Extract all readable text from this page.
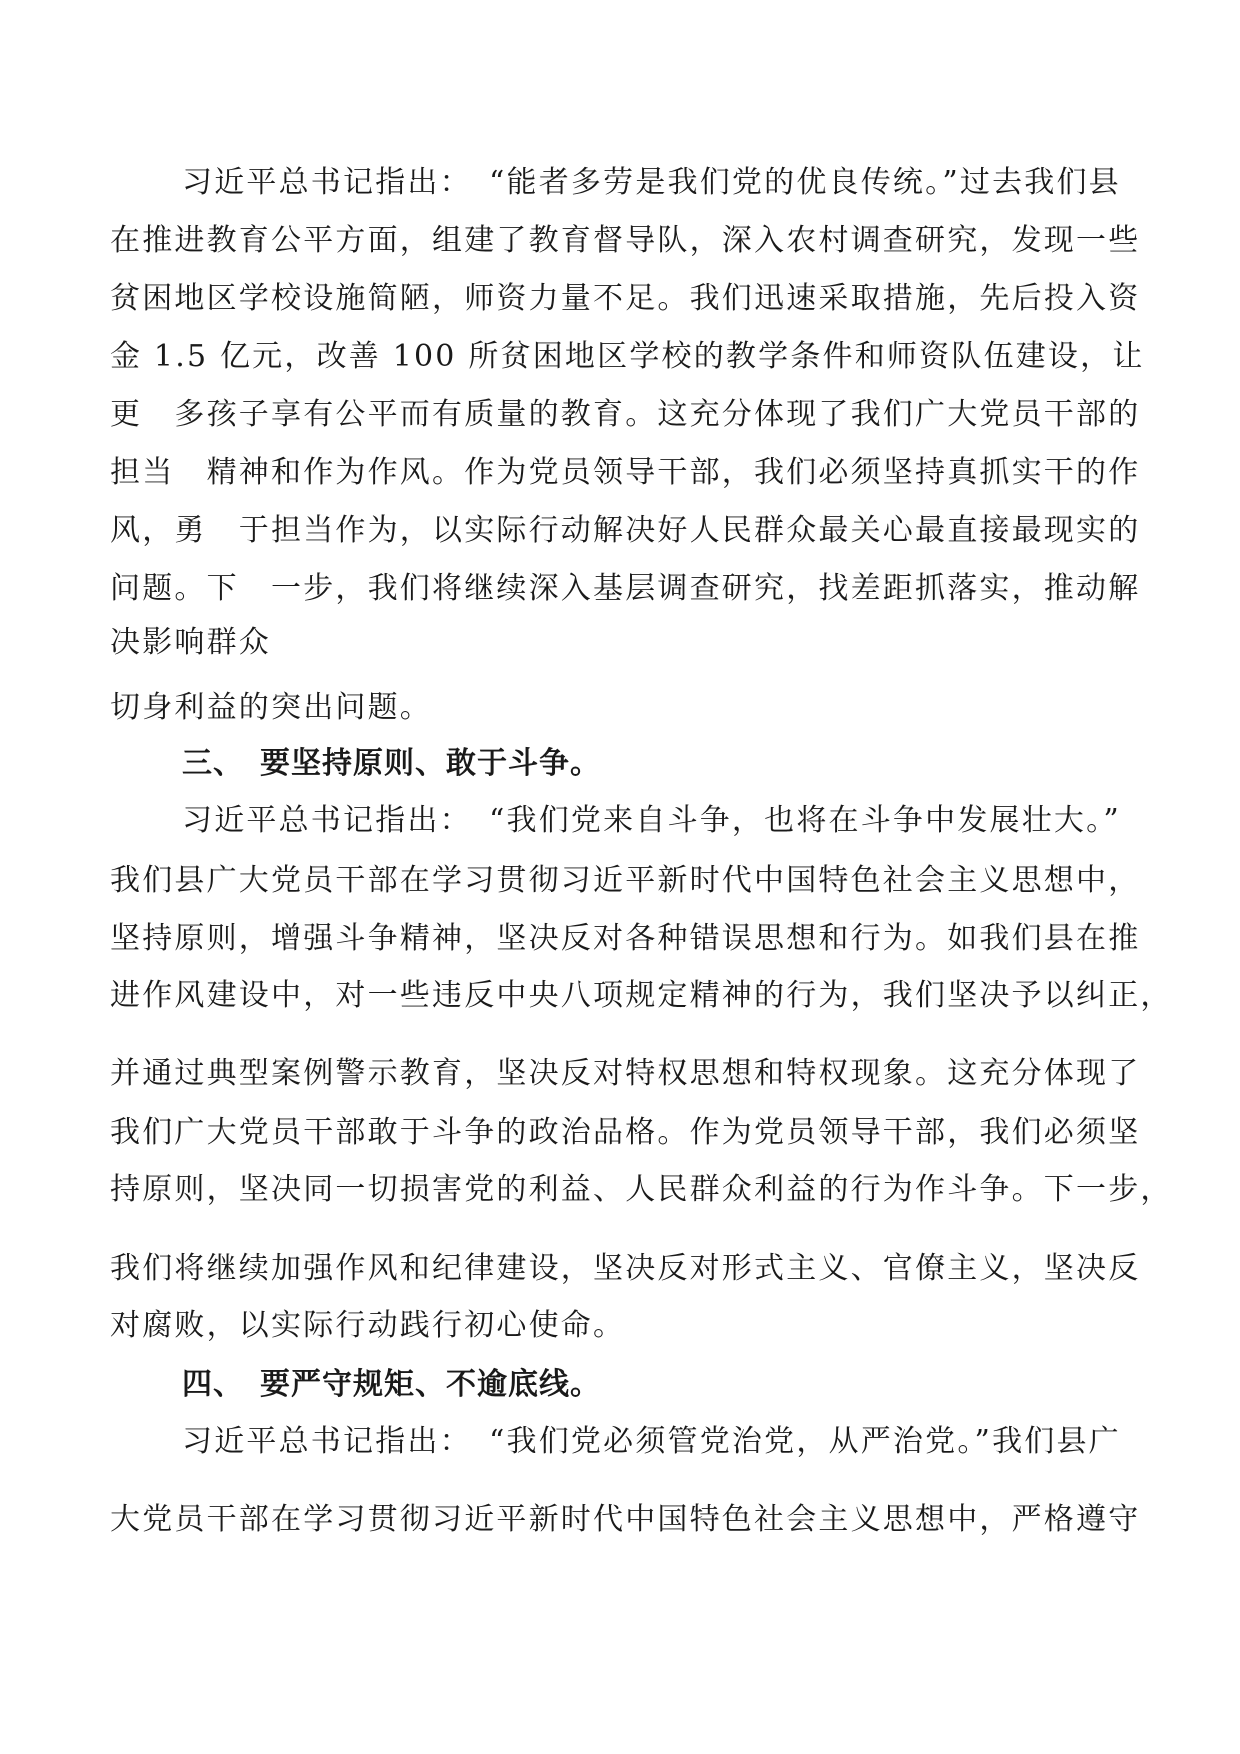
习近平总书记指出：　“能者多劳是我们党的优良传统。”过去我们县
在推进教育公平方面，组建了教育督导队，深入农村调查研究，发现一些
贫困地区学校设施简陋，师资力量不足。我们迅速采取措施，先后投入资
金 1.5 亿元，改善 100 所贫困地区学校的教学条件和师资队伍建设，让
更　多孩子享有公平而有质量的教育。这充分体现了我们广大党员干部的
担当　精神和作为作风。作为党员领导干部，我们必须坚持真抓实干的作
风，勇　于担当作为，以实际行动解决好人民群众最关心最直接最现实的
问题。下　一步，我们将继续深入基层调查研究，找差距抓落实，推动解
决影响群众
切身利益的突出问题。
三、　要坚持原则、敢于斗争。
习近平总书记指出：　“我们党来自斗争，也将在斗争中发展壮大。”
我们县广大党员干部在学习贯彻习近平新时代中国特色社会主义思想中，
坚持原则，增强斗争精神，坚决反对各种错误思想和行为。如我们县在推
进作风建设中，对一些违反中央八项规定精神的行为，我们坚决予以纠正，
并通过典型案例警示教育，坚决反对特权思想和特权现象。这充分体现了
我们广大党员干部敢于斗争的政治品格。作为党员领导干部，我们必须坚
持原则，坚决同一切损害党的利益、人民群众利益的行为作斗争。下一步，
我们将继续加强作风和纪律建设，坚决反对形式主义、官僚主义，坚决反
对腐败，以实际行动践行初心使命。
四、　要严守规矩、不逾底线。
习近平总书记指出：　“我们党必须管党治党，从严治党。”我们县广
大党员干部在学习贯彻习近平新时代中国特色社会主义思想中，严格遵守
